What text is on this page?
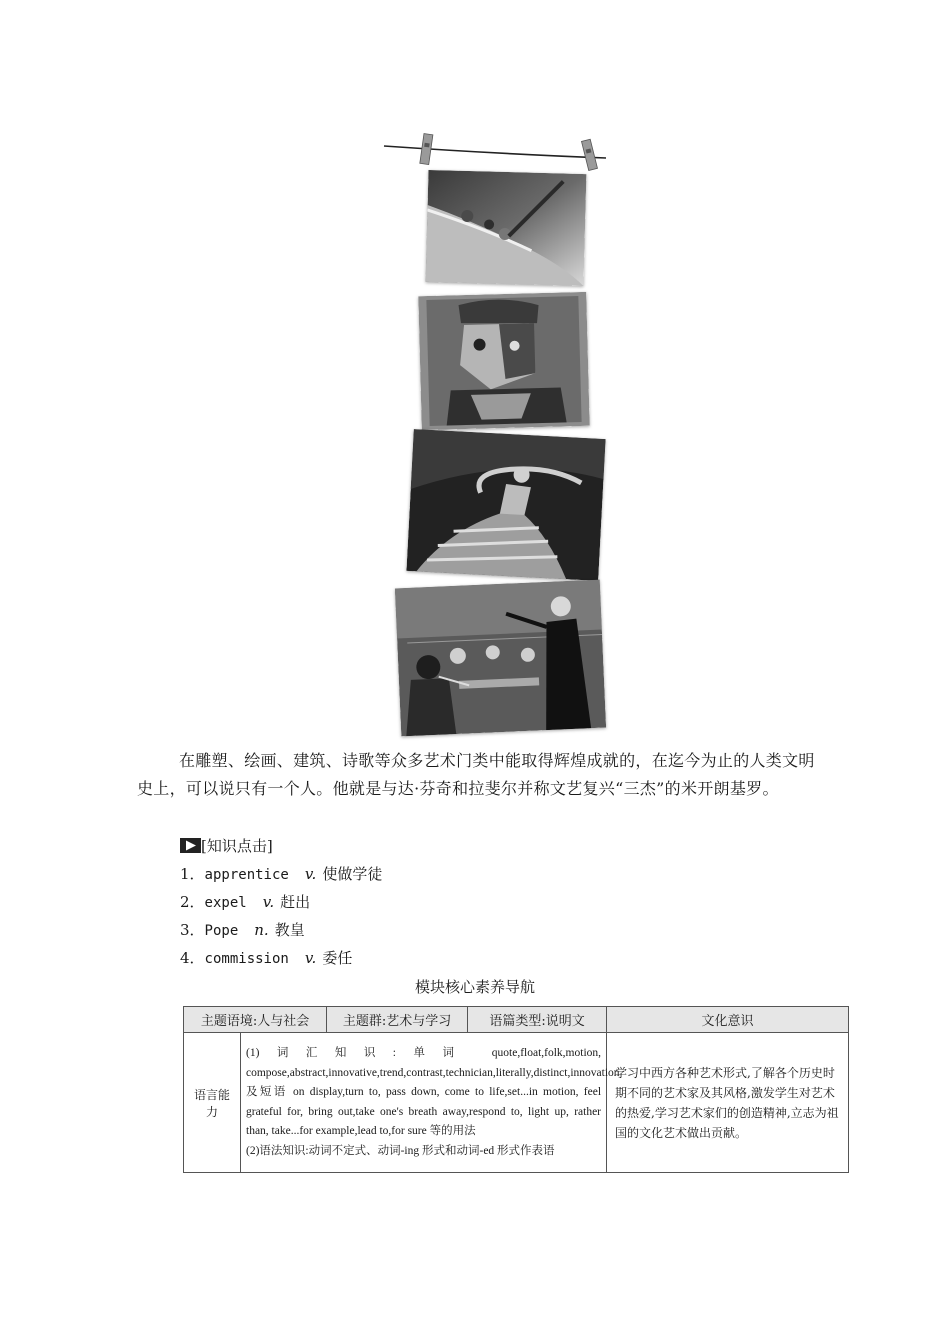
在雕塑、绘画、建筑、诗歌等众多艺术门类中能取得辉煌成就的，在迄今为止的人类文明史上，可以说只有一个人。他就是与达·芬奇和拉斐尔并称文艺复兴“三杰”的米开朗基罗。
[知识点击]
1．apprentice v. 使做学徒
2．expel v. 赶出
3．Pope n. 教皇
4．commission v. 委任
模块核心素养导航
主题语境:人与社会		主题群:艺术与学习	语篇类型:说明文	文化意识
语言能力	(1)词汇知识:单词 quote,float,folk,motion, compose,abstract,innovative,trend,contrast,technician,literally,distinct,innovation 及短语 on display,turn to, pass down, come to life,set...in motion, feel grateful for, bring out,take one's breath away,respond to, light up, rather than, take...for example,lead to,for sure 等的用法
(2)语法知识:动词不定式、动词-ing 形式和动词-ed 形式作表语			学习中西方各种艺术形式,了解各个历史时期不同的艺术家及其风格,激发学生对艺术的热爱,学习艺术家们的创造精神,立志为祖国的文化艺术做出贡献。
